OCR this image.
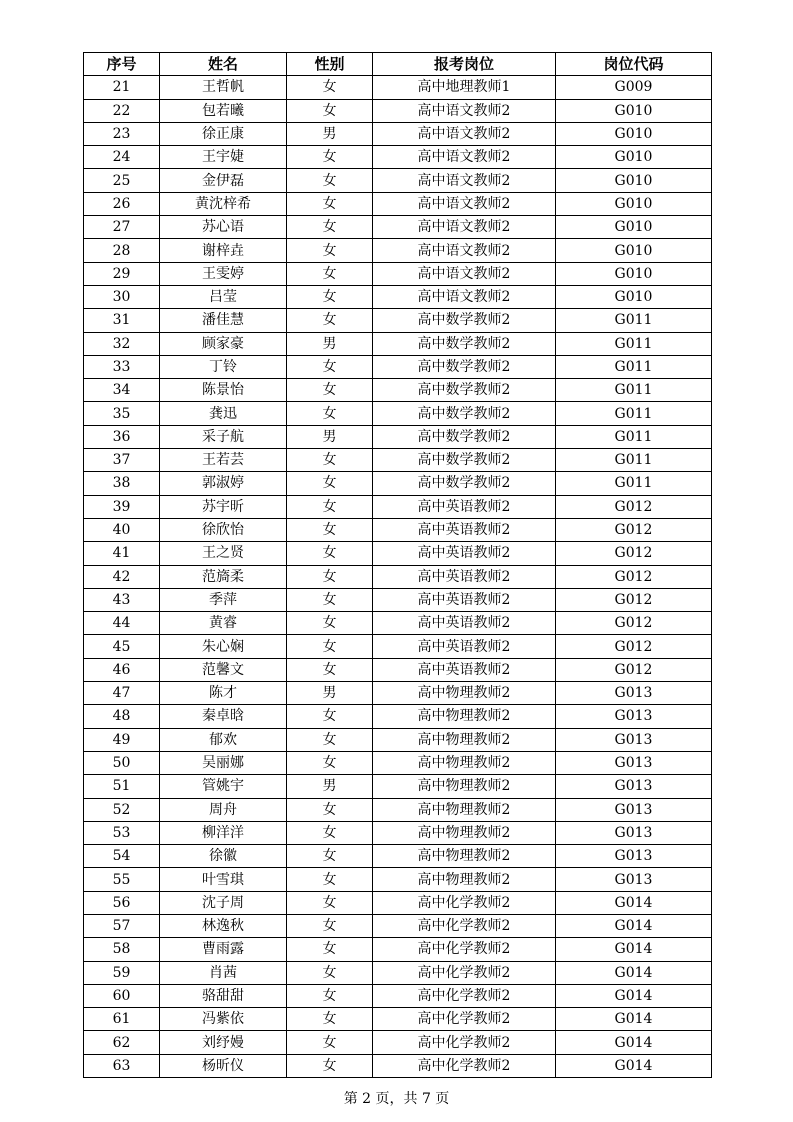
序号	姓名	性别	报考岗位	岗位代码
21	王哲帆	女	高中地理教师1	G009
22	包若曦	女	高中语文教师2	G010
23	徐正康	男	高中语文教师2	G010
24	王宇婕	女	高中语文教师2	G010
25	金伊磊	女	高中语文教师2	G010
26	黄沈梓希	女	高中语文教师2	G010
27	苏心语	女	高中语文教师2	G010
28	谢梓垚	女	高中语文教师2	G010
29	王雯婷	女	高中语文教师2	G010
30	吕莹	女	高中语文教师2	G010
31	潘佳慧	女	高中数学教师2	G011
32	顾家豪	男	高中数学教师2	G011
33	丁铃	女	高中数学教师2	G011
34	陈景怡	女	高中数学教师2	G011
35	龚迅	女	高中数学教师2	G011
36	采子航	男	高中数学教师2	G011
37	王若芸	女	高中数学教师2	G011
38	郭淑婷	女	高中数学教师2	G011
39	苏宇昕	女	高中英语教师2	G012
40	徐欣怡	女	高中英语教师2	G012
41	王之贤	女	高中英语教师2	G012
42	范旖柔	女	高中英语教师2	G012
43	季萍	女	高中英语教师2	G012
44	黄睿	女	高中英语教师2	G012
45	朱心娴	女	高中英语教师2	G012
46	范馨文	女	高中英语教师2	G012
47	陈才	男	高中物理教师2	G013
48	秦卓晗	女	高中物理教师2	G013
49	郁欢	女	高中物理教师2	G013
50	吴丽娜	女	高中物理教师2	G013
51	管姚宇	男	高中物理教师2	G013
52	周舟	女	高中物理教师2	G013
53	柳洋洋	女	高中物理教师2	G013
54	徐徽	女	高中物理教师2	G013
55	叶雪琪	女	高中物理教师2	G013
56	沈子周	女	高中化学教师2	G014
57	林逸秋	女	高中化学教师2	G014
58	曹雨露	女	高中化学教师2	G014
59	肖茜	女	高中化学教师2	G014
60	骆甜甜	女	高中化学教师2	G014
61	冯紫依	女	高中化学教师2	G014
62	刘纾嫚	女	高中化学教师2	G014
63	杨昕仪	女	高中化学教师2	G014
第 2 页，共 7 页
